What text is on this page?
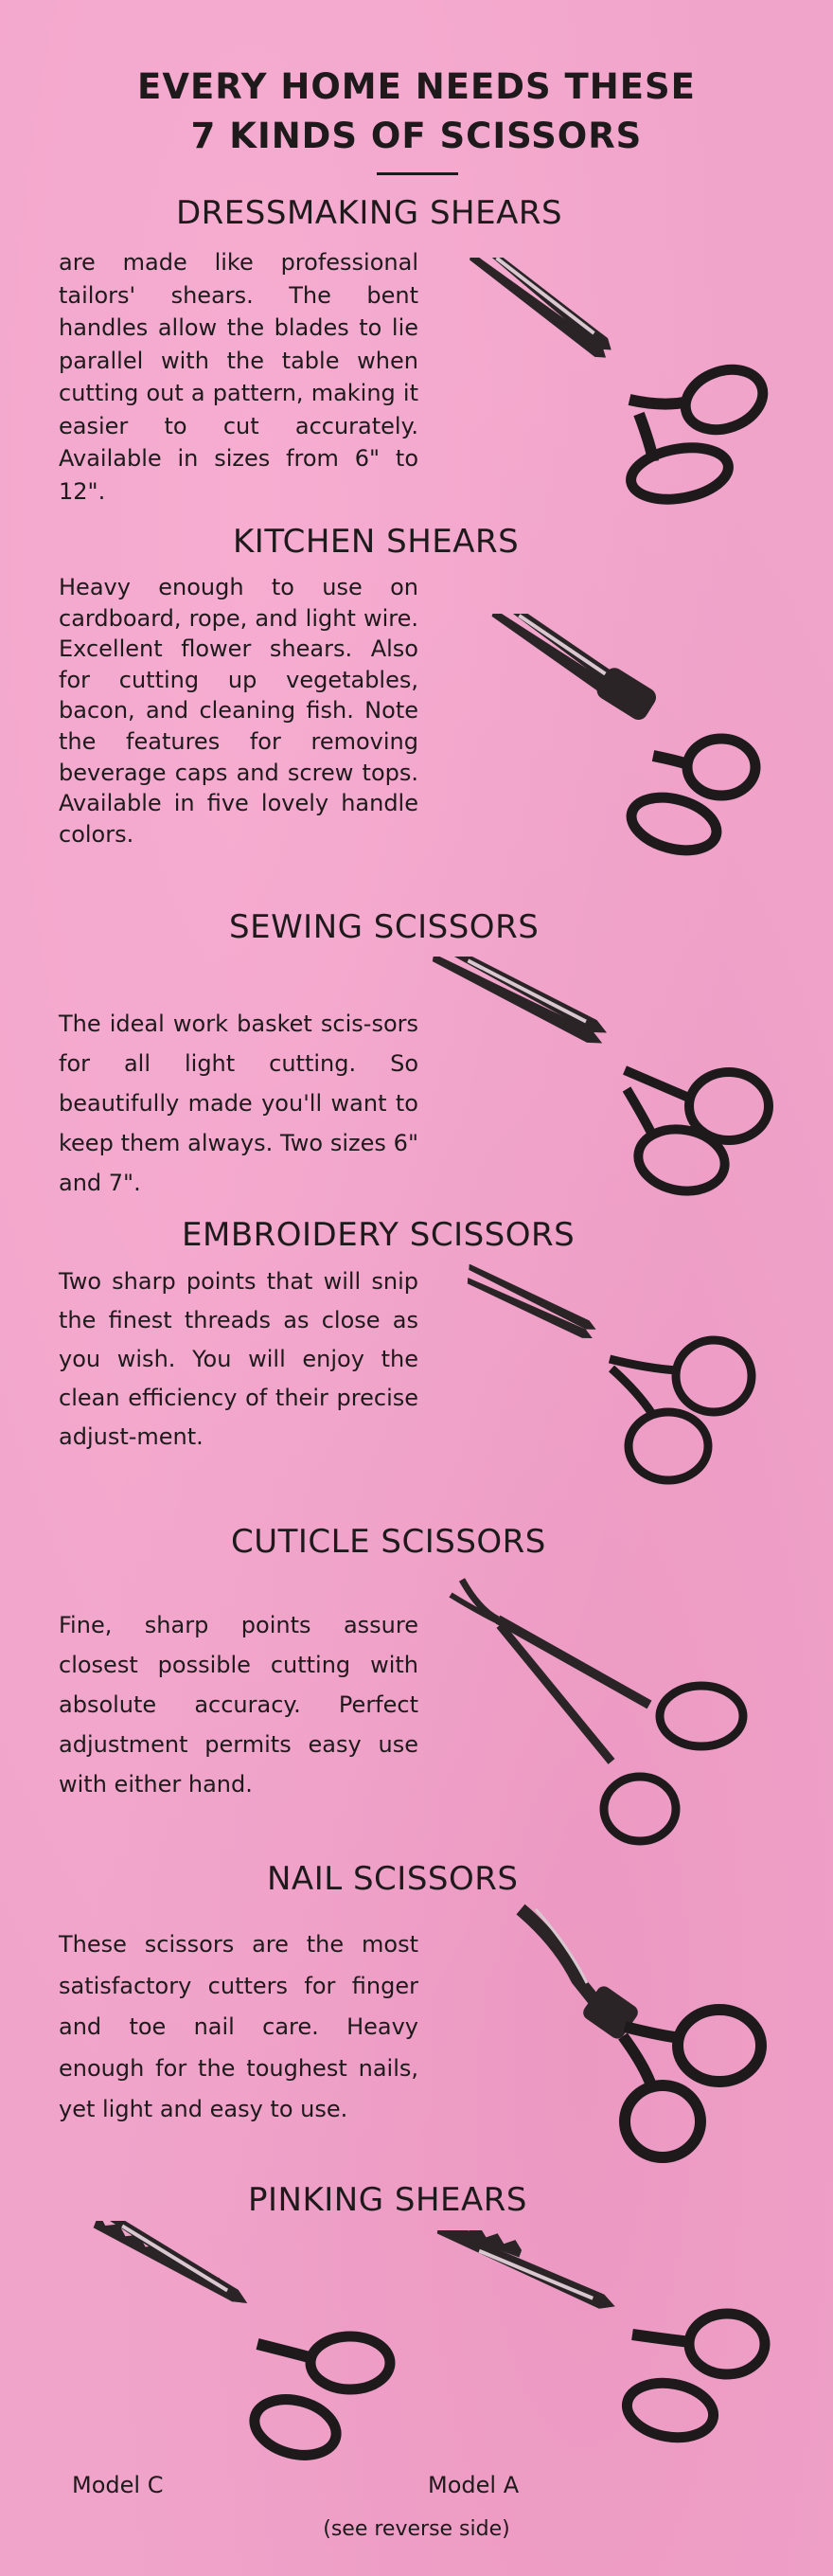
EVERY HOME NEEDS THESE
7 KINDS OF SCISSORS
DRESSMAKING SHEARS
are made like professional tailors' shears. The bent handles allow the blades to lie parallel with the table when cutting out a pattern, making it easier to cut accurately. Available in sizes from 6" to 12".
KITCHEN SHEARS
Heavy enough to use on cardboard, rope, and light wire. Excellent flower shears. Also for cutting up vegetables, bacon, and cleaning fish. Note the features for removing beverage caps and screw tops. Available in five lovely handle colors.
SEWING SCISSORS
The ideal work basket scis-sors for all light cutting. So beautifully made you'll want to keep them always. Two sizes 6" and 7".
EMBROIDERY SCISSORS
Two sharp points that will snip the finest threads as close as you wish. You will enjoy the clean efficiency of their precise adjust-ment.
CUTICLE SCISSORS
Fine, sharp points assure closest possible cutting with absolute accuracy. Perfect adjustment permits easy use with either hand.
NAIL SCISSORS
These scissors are the most satisfactory cutters for finger and toe nail care. Heavy enough for the toughest nails, yet light and easy to use.
PINKING SHEARS
Model C	Model A
(see reverse side)
